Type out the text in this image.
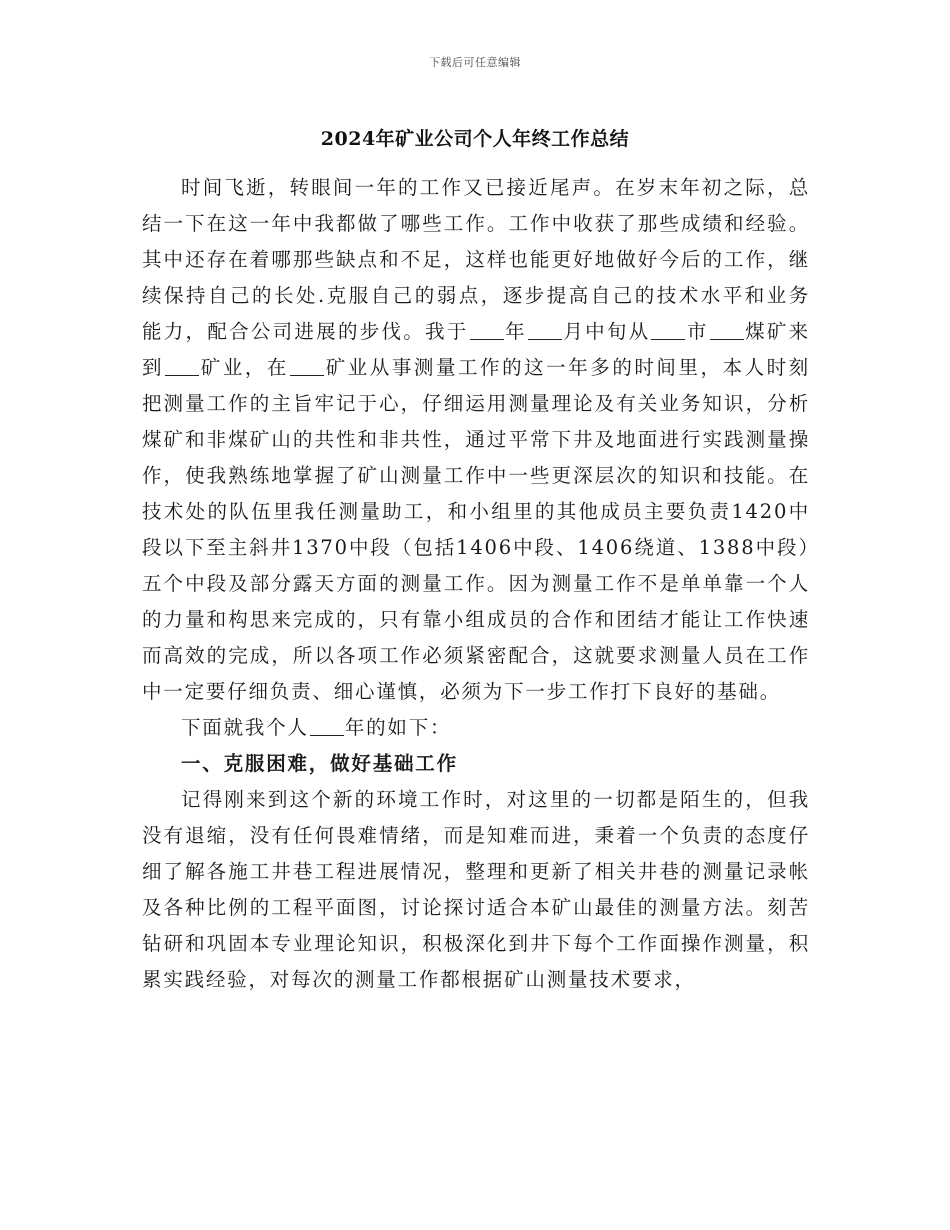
下载后可任意编辑
2024年矿业公司个人年终工作总结

时间飞逝，转眼间一年的工作又已接近尾声。在岁末年初之际，总结一下在这一年中我都做了哪些工作。工作中收获了那些成绩和经验。其中还存在着哪那些缺点和不足，这样也能更好地做好今后的工作，继续保持自己的长处.克服自己的弱点，逐步提高自己的技术水平和业务能力，配合公司进展的步伐。我于 年 月中旬从 市 煤矿来到 矿业，在 矿业从事测量工作的这一年多的时间里，本人时刻把测量工作的主旨牢记于心，仔细运用测量理论及有关业务知识，分析煤矿和非煤矿山的共性和非共性，通过平常下井及地面进行实践测量操作，使我熟练地掌握了矿山测量工作中一些更深层次的知识和技能。在技术处的队伍里我任测量助工，和小组里的其他成员主要负责1420中段以下至主斜井1370中段（包括1406中段、1406绕道、1388中段）五个中段及部分露天方面的测量工作。因为测量工作不是单单靠一个人的力量和构思来完成的，只有靠小组成员的合作和团结才能让工作快速而高效的完成，所以各项工作必须紧密配合，这就要求测量人员在工作中一定要仔细负责、细心谨慎，必须为下一步工作打下良好的基础。

下面就我个人 年的如下：

一、克服困难，做好基础工作

记得刚来到这个新的环境工作时，对这里的一切都是陌生的，但我没有退缩，没有任何畏难情绪，而是知难而进，秉着一个负责的态度仔细了解各施工井巷工程进展情况，整理和更新了相关井巷的测量记录帐及各种比例的工程平面图，讨论探讨适合本矿山最佳的测量方法。刻苦钻研和巩固本专业理论知识，积极深化到井下每个工作面操作测量，积累实践经验，对每次的测量工作都根据矿山测量技术要求，
